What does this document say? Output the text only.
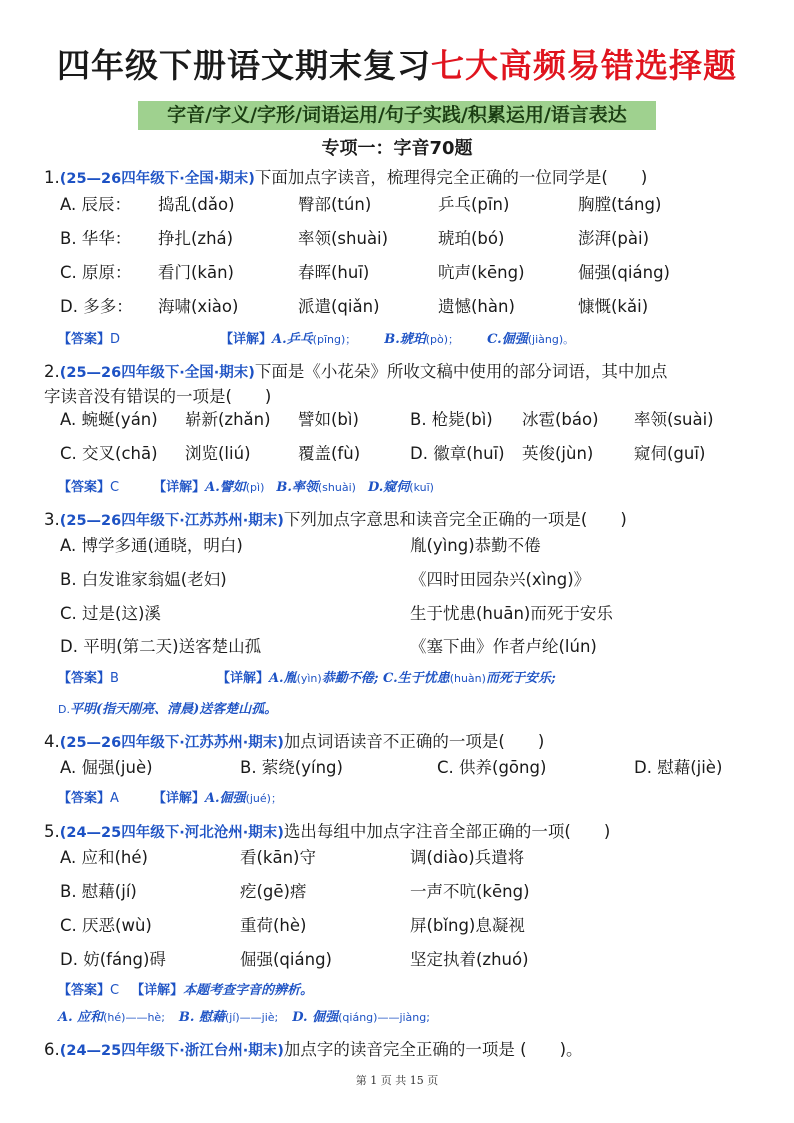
四年级下册语文期末复习七大高频易错选择题
字音/字义/字形/词语运用/句子实践/积累运用/语言表达
专项一：字音70题
1.(25—26四年级下·全国·期末)下面加点字读音，梳理得完全正确的一位同学是(　　)
A. 辰辰： 捣乱(dǎo)	臀部(tún)	乒乓(pīn)	胸膛(táng)
B. 华华： 挣扎(zhá)	率领(shuài)	琥珀(bó)	澎湃(pài)
C. 原原： 看门(kān)	春晖(huī)	吭声(kēng)	倔强(qiáng)
D. 多多： 海啸(xiào)	派遣(qiǎn)	遗憾(hàn)	慷慨(kǎi)
【答案】D	【详解】A.乒乓(pīng)； B.琥珀(pò)； C.倔强(jiàng)。
2.(25—26四年级下·全国·期末)下面是《小花朵》所收文稿中使用的部分词语，其中加点
字读音没有错误的一项是(　　)
A. 蜿蜒(yán) 崭新(zhǎn) 譬如(bì)	B. 枪毙(bì) 冰雹(báo) 率领(suài)
C. 交叉(chā) 浏览(liú)	覆盖(fù)	D. 徽章(huī) 英俊(jùn) 窥伺(guī)
【答案】C	【详解】A.譬如(pì) B.率领(shuài) D.窥伺(kuī)
3.(25—26四年级下·江苏苏州·期末)下列加点字意思和读音完全正确的一项是(　　)
A. 博学多通(通晓，明白)	胤(yìng)恭勤不倦
B. 白发谁家翁媪(老妇)	《四时田园杂兴(xìng)》
C. 过是(这)溪	生于忧患(huān)而死于安乐
D. 平明(第二天)送客楚山孤	《塞下曲》作者卢纶(lún)
【答案】B	【详解】A.胤(yìn)恭勤不倦; C.生于忧患(huàn)而死于安乐;
D.平明(指天刚亮、清晨)送客楚山孤。
4.(25—26四年级下·江苏苏州·期末)加点词语读音不正确的一项是(　　)
A. 倔强(juè)	B. 萦绕(yíng)	C. 供养(gōng)	D. 慰藉(jiè)
【答案】A	【详解】A.倔强(jué)；
5.(24—25四年级下·河北沧州·期末)选出每组中加点字注音全部正确的一项(　　)
A. 应和(hé)	看(kān)守	调(diào)兵遣将
B. 慰藉(jí)	疙(gē)瘩	一声不吭(kēng)
C. 厌恶(wù)	重荷(hè)	屏(bǐng)息凝视
D. 妨(fáng)碍	倔强(qiáng)	坚定执着(zhuó)
【答案】C 【详解】本题考查字音的辨析。
A. 应和(hé)——hè; B. 慰藉(jí)——jiè; D. 倔强(qiáng)——jiàng;
6.(24—25四年级下·浙江台州·期末)加点字的读音完全正确的一项是 (　　)。
第 1 页 共 15 页
